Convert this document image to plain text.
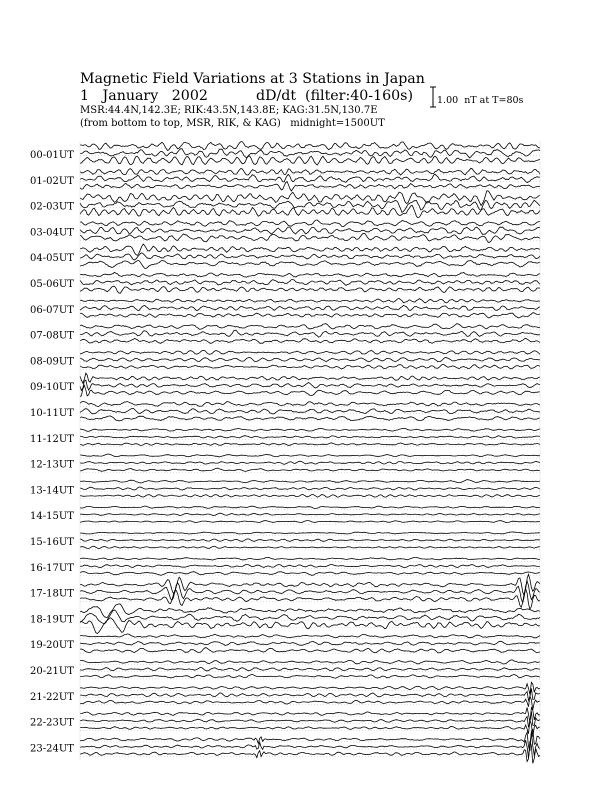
Magnetic Field Variations at 3 Stations in Japan

1   January   2002

	dD/dt  (filter:40-160s)

MSR:44.4N,142.3E; RIK:43.5N,143.8E; KAG:31.5N,130.7E
(from bottom to top, MSR, RIK, & KAG)   midnight=1500UT
1.00  nT at T=80s
00-01UT
01-02UT
02-03UT
03-04UT
04-05UT
05-06UT
06-07UT
07-08UT
08-09UT
09-10UT
10-11UT
11-12UT
12-13UT
13-14UT
14-15UT
15-16UT
16-17UT
17-18UT
18-19UT
19-20UT
20-21UT
21-22UT
22-23UT
23-24UT
